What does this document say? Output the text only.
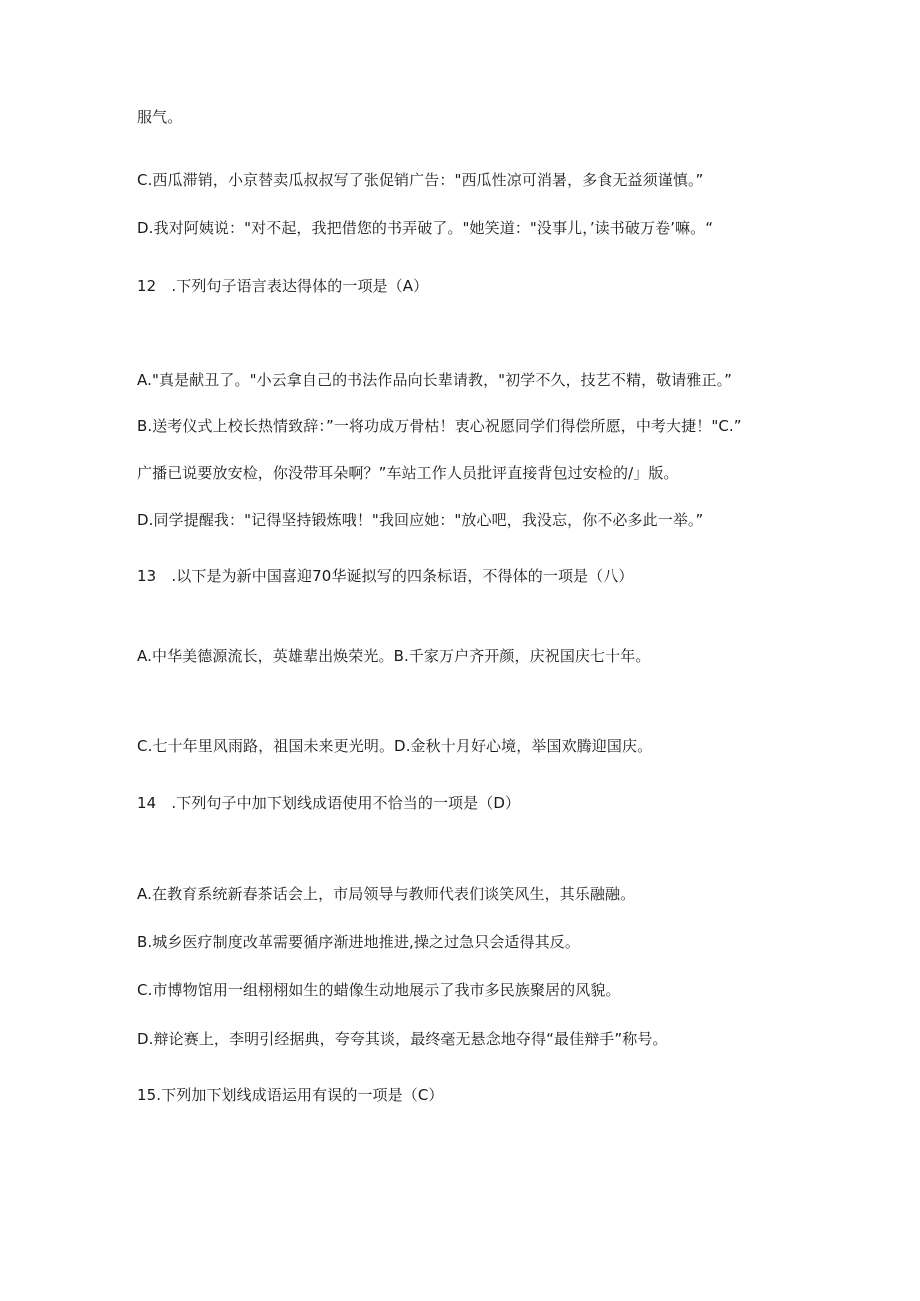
服气。
C.西瓜滞销，小京替卖瓜叔叔写了张促销广告："西瓜性凉可消暑，多食无益须谨慎。”
D.我对阿姨说："对不起，我把借您的书弄破了。"她笑道："没事儿，’读书破万卷’嘛。“
12　.下列句子语言表达得体的一项是（A）
A."真是献丑了。"小云拿自己的书法作品向长辈请教，"初学不久，技艺不精，敬请雅正。”
B.送考仪式上校长热情致辞：”一将功成万骨枯！衷心祝愿同学们得偿所愿，中考大捷！"C.”
广播已说要放安检，你没带耳朵啊？”车站工作人员批评直接背包过安检的/」版。
D.同学提醒我："记得坚持锻炼哦！"我回应她："放心吧，我没忘，你不必多此一举。”
13　.以下是为新中国喜迎70华诞拟写的四条标语，不得体的一项是（八）
A.中华美德源流长，英雄辈出焕荣光。B.千家万户齐开颜，庆祝国庆七十年。
C.七十年里风雨路，祖国未来更光明。D.金秋十月好心境，举国欢腾迎国庆。
14　.下列句子中加下划线成语使用不恰当的一项是（D）
A.在教育系统新春茶话会上，市局领导与教师代表们谈笑风生，其乐融融。
B.城乡医疗制度改革需要循序渐进地推进,操之过急只会适得其反。
C.市博物馆用一组栩栩如生的蜡像生动地展示了我市多民族聚居的风貌。
D.辩论赛上，李明引经据典，夸夸其谈，最终毫无悬念地夺得“最佳辩手”称号。
15.下列加下划线成语运用有误的一项是（C）
